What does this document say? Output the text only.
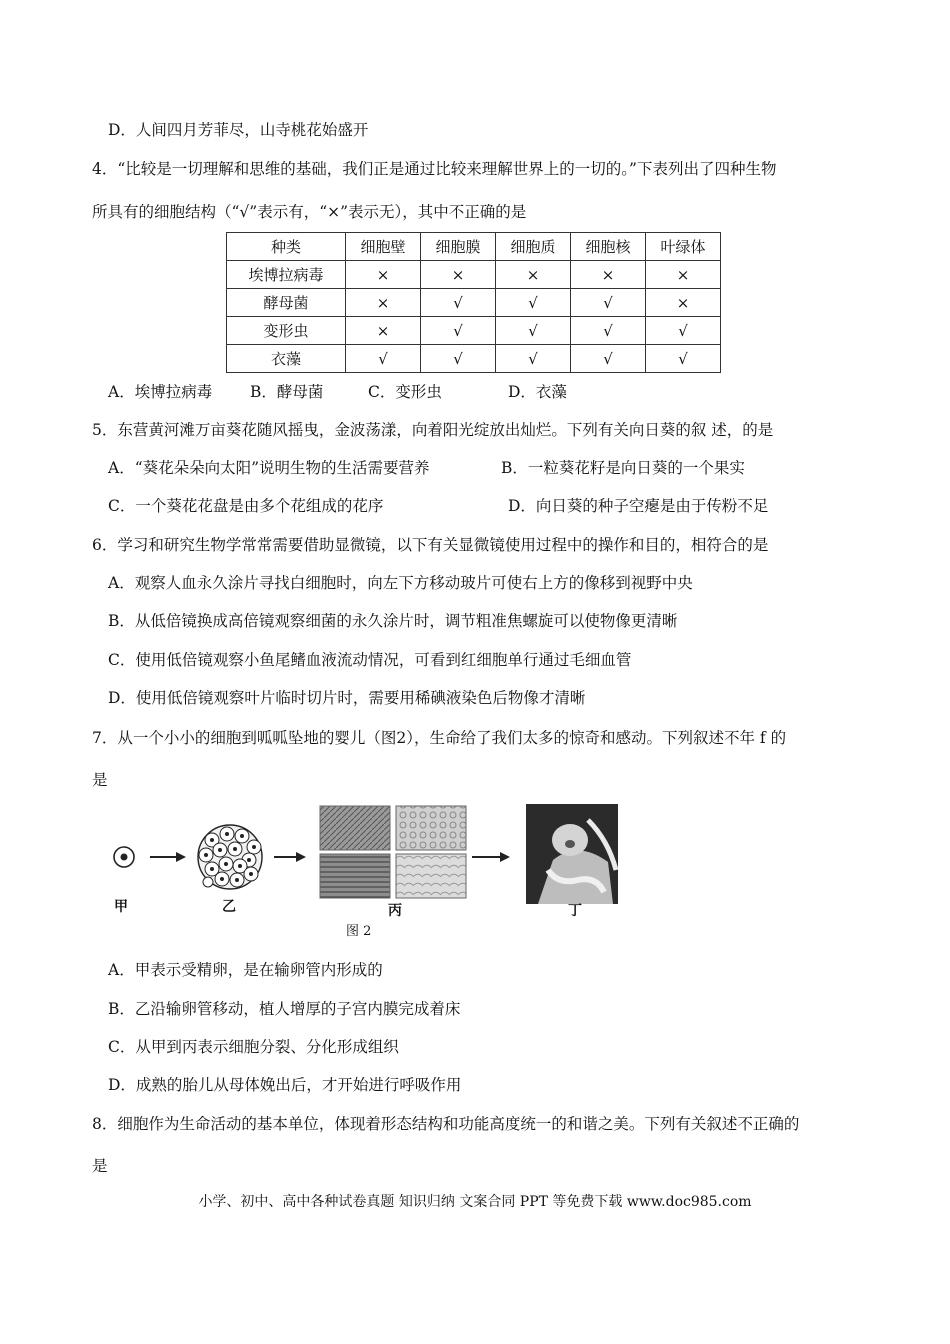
D．人间四月芳菲尽，山寺桃花始盛开
4．“比较是一切理解和思维的基础，我们正是通过比较来理解世界上的一切的。”下表列出了四种生物
所具有的细胞结构（“√”表示有，“×”表示无），其中不正确的是
种类	细胞壁	细胞膜	细胞质	细胞核	叶绿体
埃博拉病毒	×	×	×	×	×
酵母菌	×	√	√	√	×
变形虫	×	√	√	√	√
衣藻	√	√	√	√	√
A．埃博拉病毒 B．酵母菌	C．变形虫	D．衣藻
5．东营黄河滩万亩葵花随风摇曳，金波荡漾，向着阳光绽放出灿烂。下列有关向日葵的叙 述，的是
A．“葵花朵朵向太阳”说明生物的生活需要营养	B．一粒葵花籽是向日葵的一个果实
C．一个葵花花盘是由多个花组成的花序	D．向日葵的种子空瘪是由于传粉不足
6．学习和研究生物学常常需要借助显微镜，以下有关显微镜使用过程中的操作和目的，相符合的是
A．观察人血永久涂片寻找白细胞时，向左下方移动玻片可使右上方的像移到视野中央
B．从低倍镜换成高倍镜观察细菌的永久涂片时，调节粗准焦螺旋可以使物像更清晰
C．使用低倍镜观察小鱼尾鳍血液流动情况，可看到红细胞单行通过毛细血管
D．使用低倍镜观察叶片临时切片时，需要用稀碘液染色后物像才清晰
7．从一个小小的细胞到呱呱坠地的婴儿（图2），生命给了我们太多的惊奇和感动。下列叙述不年 f 的
是
甲	乙	丙	丁
图 2
A．甲表示受精卵，是在输卵管内形成的
B．乙沿输卵管移动，植人增厚的子宫内膜完成着床
C．从甲到丙表示细胞分裂、分化形成组织
D．成熟的胎儿从母体娩出后，才开始进行呼吸作用
8．细胞作为生命活动的基本单位，体现着形态结构和功能高度统一的和谐之美。下列有关叙述不正确的
是
小学、初中、高中各种试卷真题 知识归纳 文案合同 PPT 等免费下载 www.doc985.com
